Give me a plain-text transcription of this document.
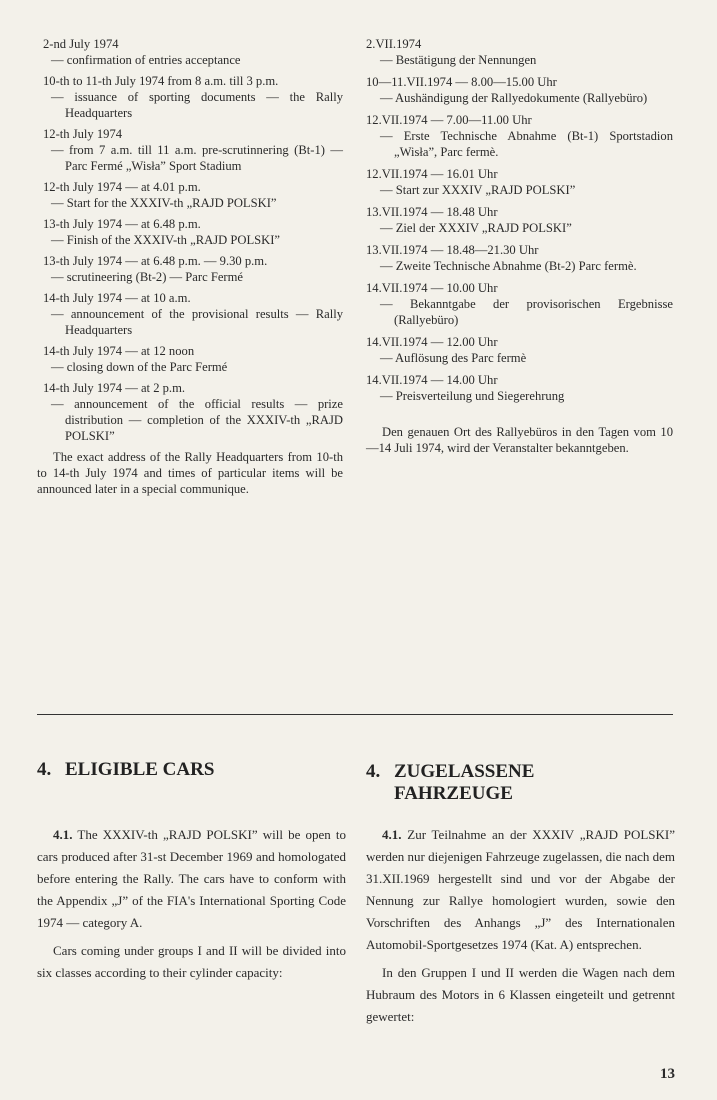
2-nd July 1974
— confirmation of entries acceptance
10-th to 11-th July 1974 from 8 a.m. till 3 p.m.
— issuance of sporting documents — the Rally Headquarters
12-th July 1974
— from 7 a.m. till 11 a.m. pre-scrutinnering (Bt-1) — Parc Fermé „Wisła” Sport Stadium
12-th July 1974 — at 4.01 p.m.
— Start for the XXXIV-th „RAJD POLSKI”
13-th July 1974 — at 6.48 p.m.
— Finish of the XXXIV-th „RAJD POLSKI”
13-th July 1974 — at 6.48 p.m. — 9.30 p.m.
— scrutineering (Bt-2) — Parc Fermé
14-th July 1974 — at 10 a.m.
— announcement of the provisional results — Rally Headquarters
14-th July 1974 — at 12 noon
— closing down of the Parc Fermé
14-th July 1974 — at 2 p.m.
— announcement of the official results — prize distribution — completion of the XXXIV-th „RAJD POLSKI”
The exact address of the Rally Headquarters from 10-th to 14-th July 1974 and times of particular items will be announced later in a special communique.
2.VII.1974
— Bestätigung der Nennungen
10—11.VII.1974 — 8.00—15.00 Uhr
— Aushändigung der Rallyedokumente (Rallyebüro)
12.VII.1974 — 7.00—11.00 Uhr
— Erste Technische Abnahme (Bt-1) Sportstadion „Wisła”, Parc fermè.
12.VII.1974 — 16.01 Uhr
— Start zur XXXIV „RAJD POLSKI”
13.VII.1974 — 18.48 Uhr
— Ziel der XXXIV „RAJD POLSKI”
13.VII.1974 — 18.48—21.30 Uhr
— Zweite Technische Abnahme (Bt-2) Parc fermè.
14.VII.1974 — 10.00 Uhr
— Bekanntgabe der provisorischen Ergebnisse (Rallyebüro)
14.VII.1974 — 12.00 Uhr
— Auflösung des Parc fermè
14.VII.1974 — 14.00 Uhr
— Preisverteilung und Siegerehrung
Den genauen Ort des Rallyebüros in den Tagen vom 10—14 Juli 1974, wird der Veranstalter bekanntgeben.
4. ELIGIBLE CARS	4. ZUGELASSENE
FAHRZEUGE

4.1. The XXXIV-th „RAJD POLSKI” will be open to cars produced after 31-st December 1969 and homologated before entering the Rally. The cars have to conform with the Appendix „J” of the FIA's International Sporting Code 1974 — category A.

Cars coming under groups I and II will be divided into six classes according to their cylinder capacity:

4.1. Zur Teilnahme an der XXXIV „RAJD POLSKI” werden nur diejenigen Fahrzeuge zugelassen, die nach dem 31.XII.1969 hergestellt sind und vor der Abgabe der Nennung zur Rallye homologiert wurden, sowie den Vorschriften des Anhangs „J” des Internationalen Automobil-Sportgesetzes 1974 (Kat. A) entsprechen.

In den Gruppen I und II werden die Wagen nach dem Hubraum des Motors in 6 Klassen eingeteilt und getrennt gewertet:

13
